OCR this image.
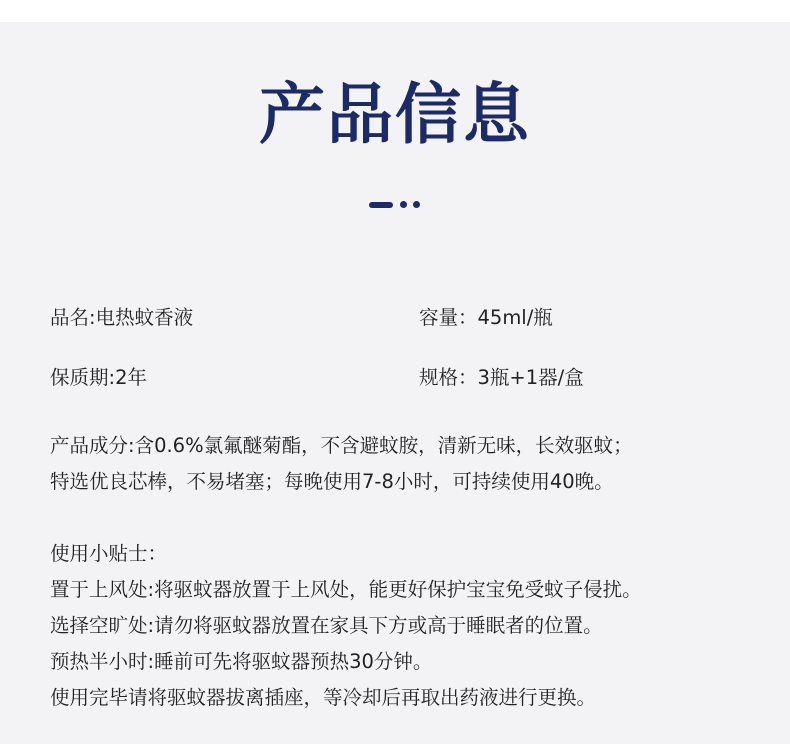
产品信息
品名:电热蚊香液	容量：45ml/瓶
保质期:2年	规格：3瓶+1器/盒
产品成分:含0.6%氯氟醚菊酯，不含避蚊胺，清新无味，长效驱蚊；
特选优良芯棒，不易堵塞；每晚使用7-8小时，可持续使用40晚。
使用小贴士：
置于上风处:将驱蚊器放置于上风处，能更好保护宝宝免受蚊子侵扰。
选择空旷处:请勿将驱蚊器放置在家具下方或高于睡眠者的位置。
预热半小时:睡前可先将驱蚊器预热30分钟。
使用完毕请将驱蚊器拔离插座，等冷却后再取出药液进行更换。
